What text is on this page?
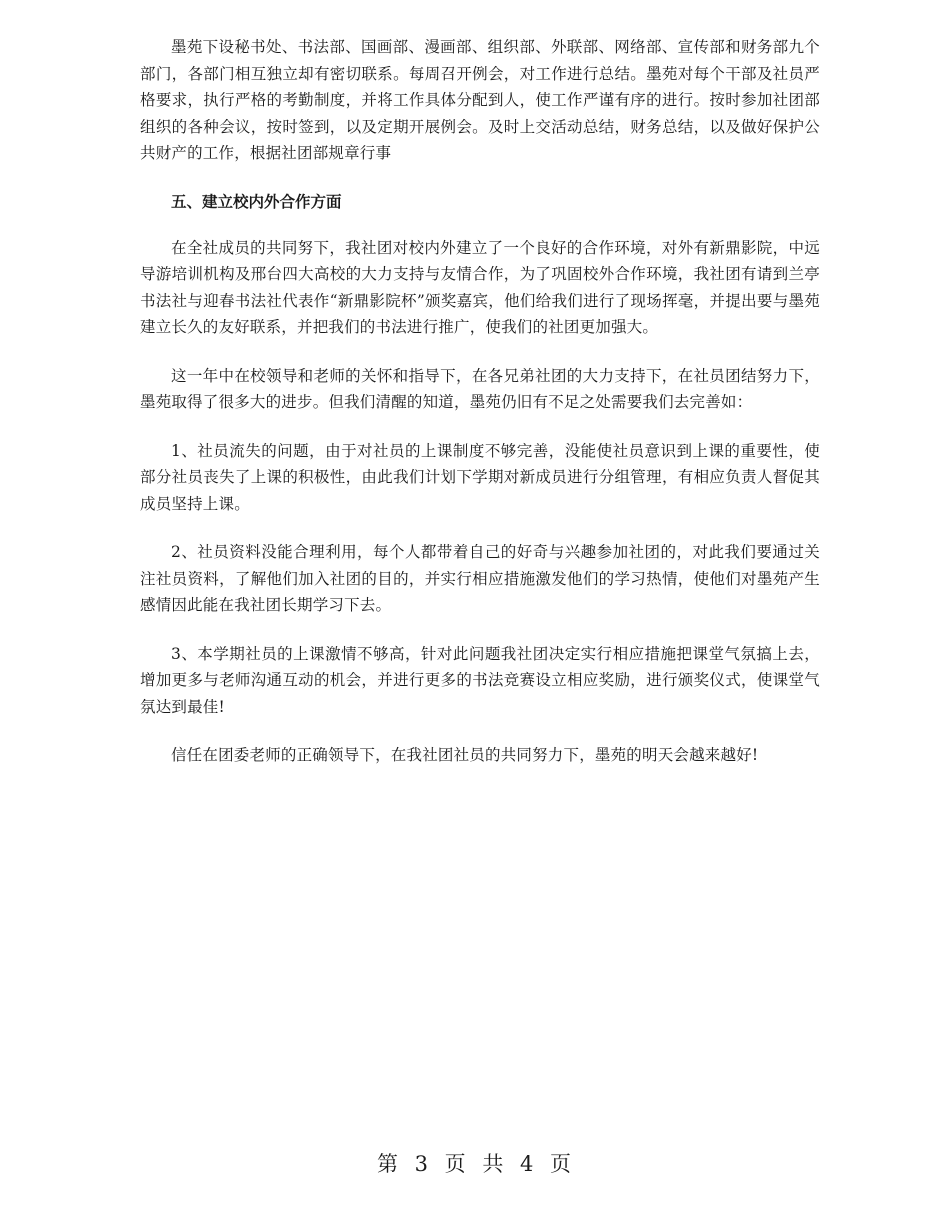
墨苑下设秘书处、书法部、国画部、漫画部、组织部、外联部、网络部、宣传部和财务部九个部门，各部门相互独立却有密切联系。每周召开例会，对工作进行总结。墨苑对每个干部及社员严格要求，执行严格的考勤制度，并将工作具体分配到人，使工作严谨有序的进行。按时参加社团部组织的各种会议，按时签到，以及定期开展例会。及时上交活动总结，财务总结，以及做好保护公共财产的工作，根据社团部规章行事

五、建立校内外合作方面

在全社成员的共同努下，我社团对校内外建立了一个良好的合作环境，对外有新鼎影院，中远导游培训机构及邢台四大高校的大力支持与友情合作，为了巩固校外合作环境，我社团有请到兰亭书法社与迎春书法社代表作“新鼎影院杯”颁奖嘉宾，他们给我们进行了现场挥毫，并提出要与墨苑建立长久的友好联系，并把我们的书法进行推广，使我们的社团更加强大。

这一年中在校领导和老师的关怀和指导下，在各兄弟社团的大力支持下，在社员团结努力下，墨苑取得了很多大的进步。但我们清醒的知道，墨苑仍旧有不足之处需要我们去完善如：

1、社员流失的问题，由于对社员的上课制度不够完善，没能使社员意识到上课的重要性，使部分社员丧失了上课的积极性，由此我们计划下学期对新成员进行分组管理，有相应负责人督促其成员坚持上课。

2、社员资料没能合理利用，每个人都带着自己的好奇与兴趣参加社团的，对此我们要通过关注社员资料，了解他们加入社团的目的，并实行相应措施激发他们的学习热情，使他们对墨苑产生感情因此能在我社团长期学习下去。

3、本学期社员的上课激情不够高，针对此问题我社团决定实行相应措施把课堂气氛搞上去，增加更多与老师沟通互动的机会，并进行更多的书法竞赛设立相应奖励，进行颁奖仪式，使课堂气氛达到最佳!

信任在团委老师的正确领导下，在我社团社员的共同努力下，墨苑的明天会越来越好!

第 3 页 共 4 页
